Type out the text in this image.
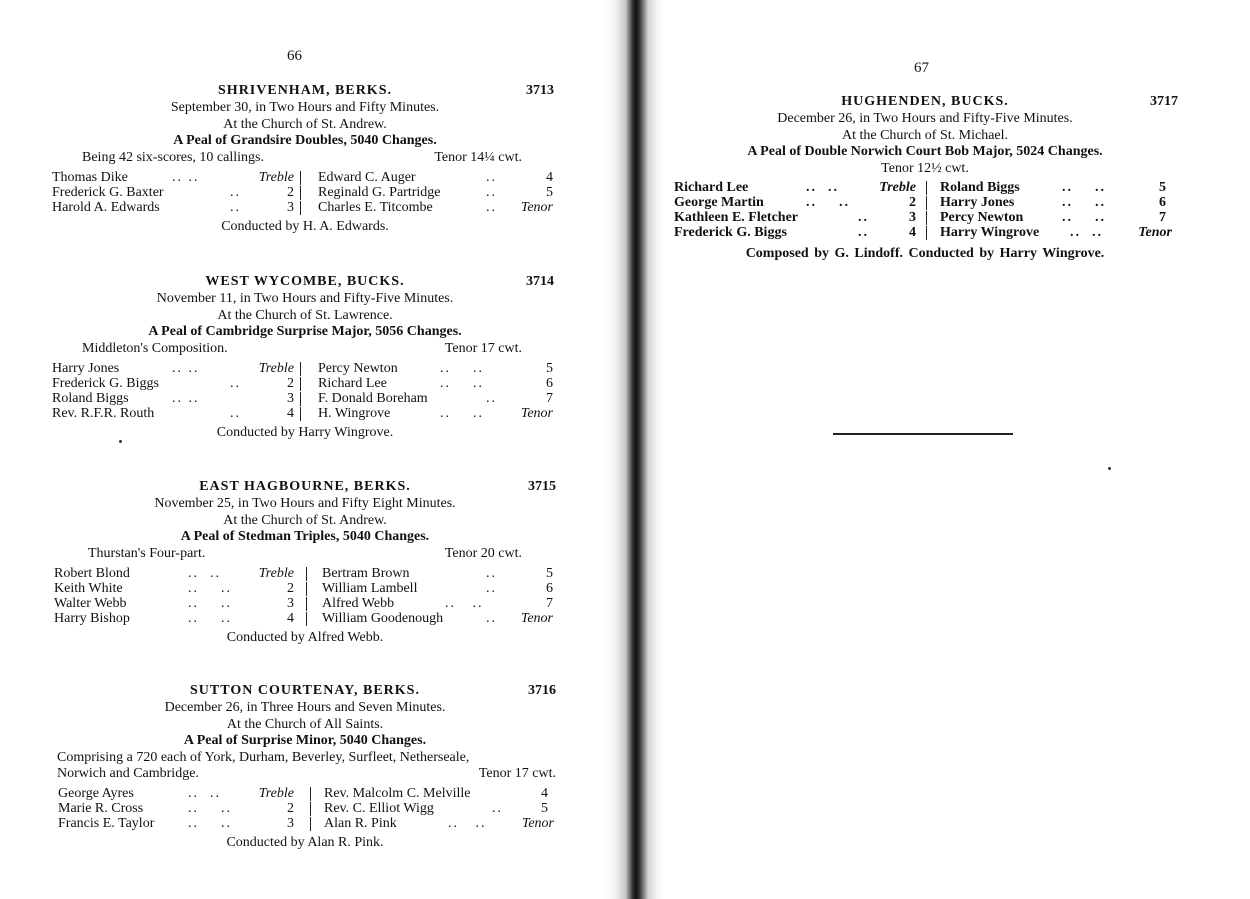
66
SHRIVENHAM, BERKS.	3713
September 30, in Two Hours and Fifty Minutes.
At the Church of St. Andrew.
A Peal of Grandsire Doubles, 5040 Changes.
Being 42 six-scores, 10 callings.	Tenor 14¼ cwt.
Thomas Dike	.. ..	Treble Edward C. Auger	..	4
Frederick G. Baxter	..	2 Reginald G. Partridge	..	5
Harold A. Edwards	..	3 Charles E. Titcombe	..	Tenor
Conducted by H. A. Edwards.
WEST WYCOMBE, BUCKS.	3714
November 11, in Two Hours and Fifty-Five Minutes.
At the Church of St. Lawrence.
A Peal of Cambridge Surprise Major, 5056 Changes.
Middleton's Composition.	Tenor 17 cwt.
Harry Jones	.. ..	Treble Percy Newton	..    ..	5
Frederick G. Biggs	..	2 Richard Lee	..    ..	6
Roland Biggs	.. ..	3 F. Donald Boreham	..	7
Rev. R.F.R. Routh	..	4 H. Wingrove	..    ..	Tenor
Conducted by Harry Wingrove.
EAST HAGBOURNE, BERKS.	3715
November 25, in Two Hours and Fifty Eight Minutes.
At the Church of St. Andrew.
A Peal of Stedman Triples, 5040 Changes.
Thurstan's Four-part.	Tenor 20 cwt.
Robert Blond	..  ..	Treble Bertram Brown	..	5
Keith White	..    ..	2 William Lambell	..	6
Walter Webb	..    ..	3 Alfred Webb	..   ..	7
Harry Bishop	..    ..	4 William Goodenough	..	Tenor
Conducted by Alfred Webb.
SUTTON COURTENAY, BERKS.	3716
December 26, in Three Hours and Seven Minutes.
At the Church of All Saints.
A Peal of Surprise Minor, 5040 Changes.
Comprising a 720 each of York, Durham, Beverley, Surfleet, Netherseale,
Norwich and Cambridge.	Tenor 17 cwt.
George Ayres	..  ..	Treble Rev. Malcolm C. Melville	4
Marie R. Cross	..    ..	2 Rev. C. Elliot Wigg	..	5
Francis E. Taylor ..    ..	3 Alan R. Pink	..   ..	Tenor
Conducted by Alan R. Pink.
67
HUGHENDEN, BUCKS.	3717
December 26, in Two Hours and Fifty-Five Minutes.
At the Church of St. Michael.
A Peal of Double Norwich Court Bob Major, 5024 Changes.
Tenor 12½ cwt.
Richard Lee	..  ..	Treble Roland Biggs	..    ..	5
George Martin	..    ..	2 Harry Jones	..    ..	6
Kathleen E. Fletcher	..	3 Percy Newton	..    ..	7
Frederick G. Biggs	..	4 Harry Wingrove ..  ..	Tenor
Composed by G. Lindoff. Conducted by Harry Wingrove.
